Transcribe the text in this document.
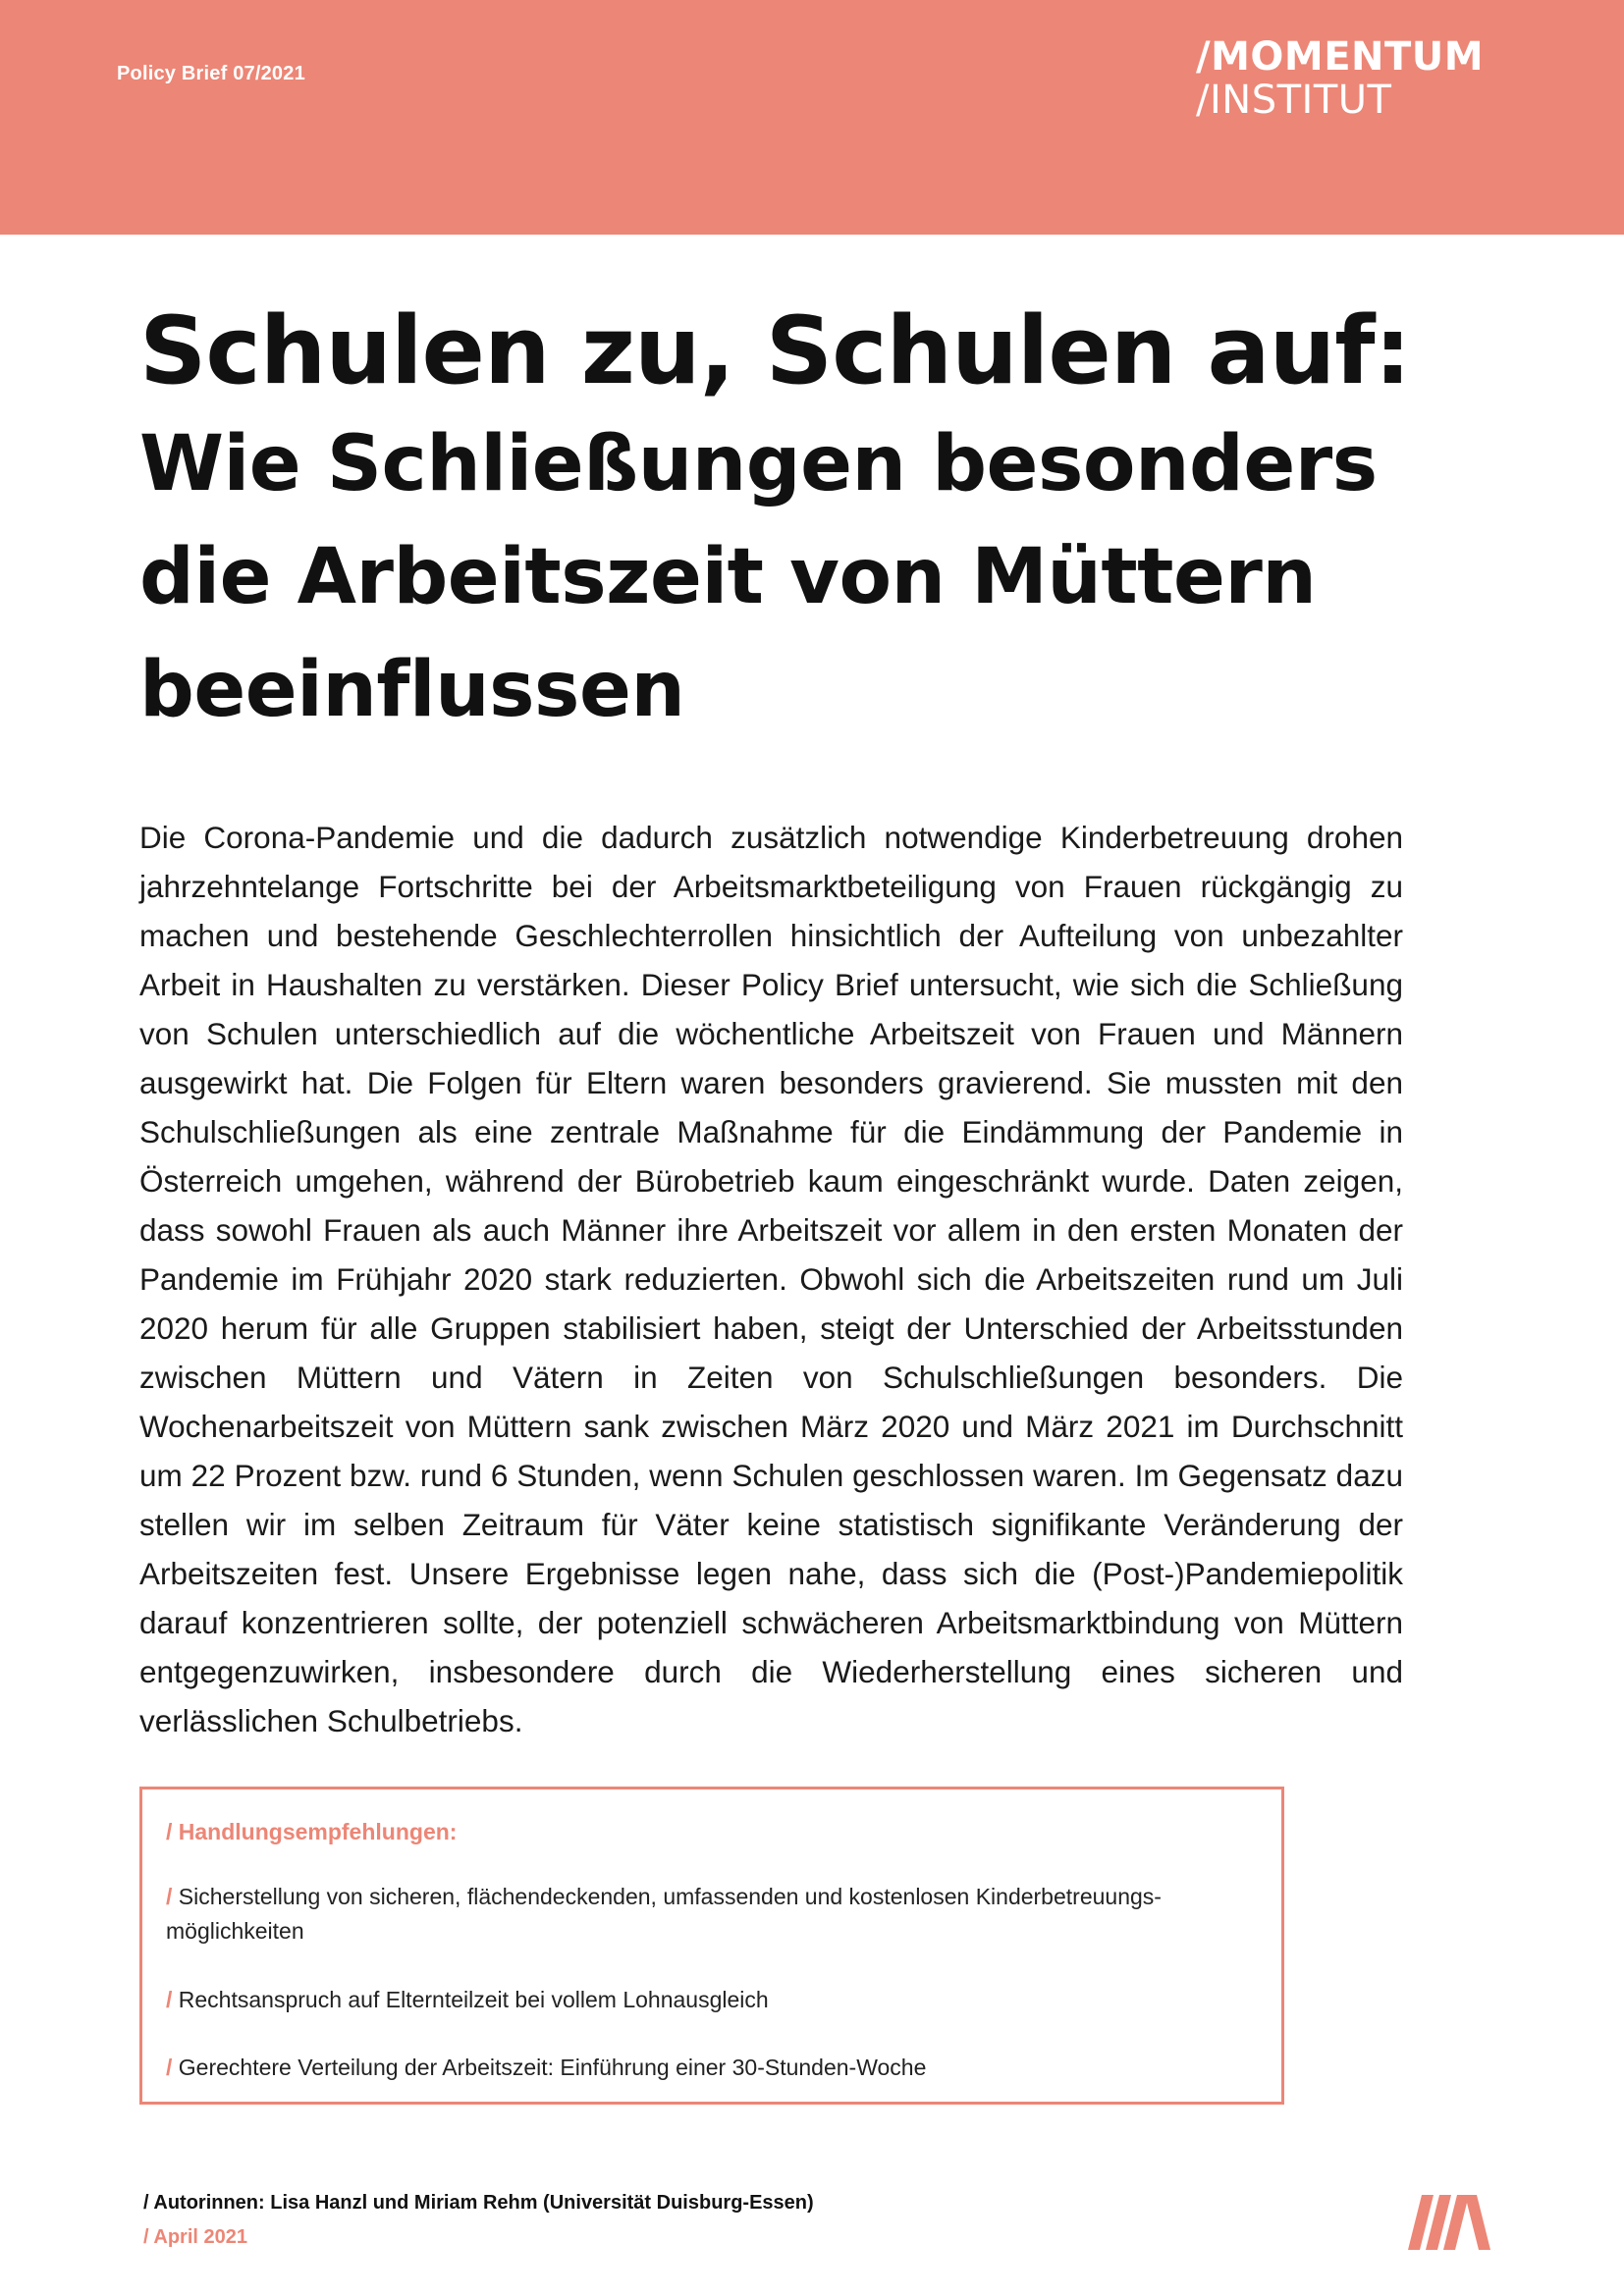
Policy Brief 07/2021	/MOMENTUM
/INSTITUT
Schulen zu, Schulen auf:
Wie Schließungen besonders
die Arbeitszeit von Müttern
beeinflussen

Die Corona-Pandemie und die dadurch zusätzlich notwendige Kinderbetreuung drohen jahrzehntelange Fortschritte bei der Arbeitsmarktbeteiligung von Frauen rückgängig zu machen und bestehende Geschlechterrollen hinsichtlich der Aufteilung von unbezahlter Arbeit in Haushalten zu verstärken. Dieser Policy Brief untersucht, wie sich die Schließung von Schulen unterschiedlich auf die wöchentliche Arbeitszeit von Frauen und Männern ausgewirkt hat. Die Folgen für Eltern waren besonders gravierend. Sie mussten mit den Schulschließungen als eine zentrale Maßnahme für die Eindämmung der Pandemie in Österreich umgehen, während der Bürobetrieb kaum eingeschränkt wurde. Daten zeigen, dass sowohl Frauen als auch Männer ihre Arbeitszeit vor allem in den ersten Monaten der Pandemie im Frühjahr 2020 stark reduzierten. Obwohl sich die Arbeitszeiten rund um Juli 2020 herum für alle Gruppen stabilisiert haben, steigt der Unterschied der Arbeitsstunden zwischen Müttern und Vätern in Zeiten von Schulschließungen besonders. Die Wochenarbeitszeit von Müttern sank zwischen März 2020 und März 2021 im Durchschnitt um 22 Prozent bzw. rund 6 Stunden, wenn Schulen geschlossen waren. Im Gegensatz dazu stellen wir im selben Zeitraum für Väter keine statistisch signifikante Veränderung der Arbeitszeiten fest. Unsere Ergebnisse legen nahe, dass sich die (Post-)Pandemiepolitik darauf konzentrieren sollte, der potenziell schwächeren Arbeitsmarktbindung von Müttern entgegenzuwirken, insbesondere durch die Wiederherstellung eines sicheren und verlässlichen Schulbetriebs.

/ Handlungsempfehlungen:
/ Sicherstellung von sicheren, flächendeckenden, umfassenden und kostenlosen Kinderbetreuungsmöglichkeiten
/ Rechtsanspruch auf Elternteilzeit bei vollem Lohnausgleich
/ Gerechtere Verteilung der Arbeitszeit: Einführung einer 30-Stunden-Woche
/ Autorinnen: Lisa Hanzl und Miriam Rehm (Universität Duisburg-Essen)
/ April 2021
